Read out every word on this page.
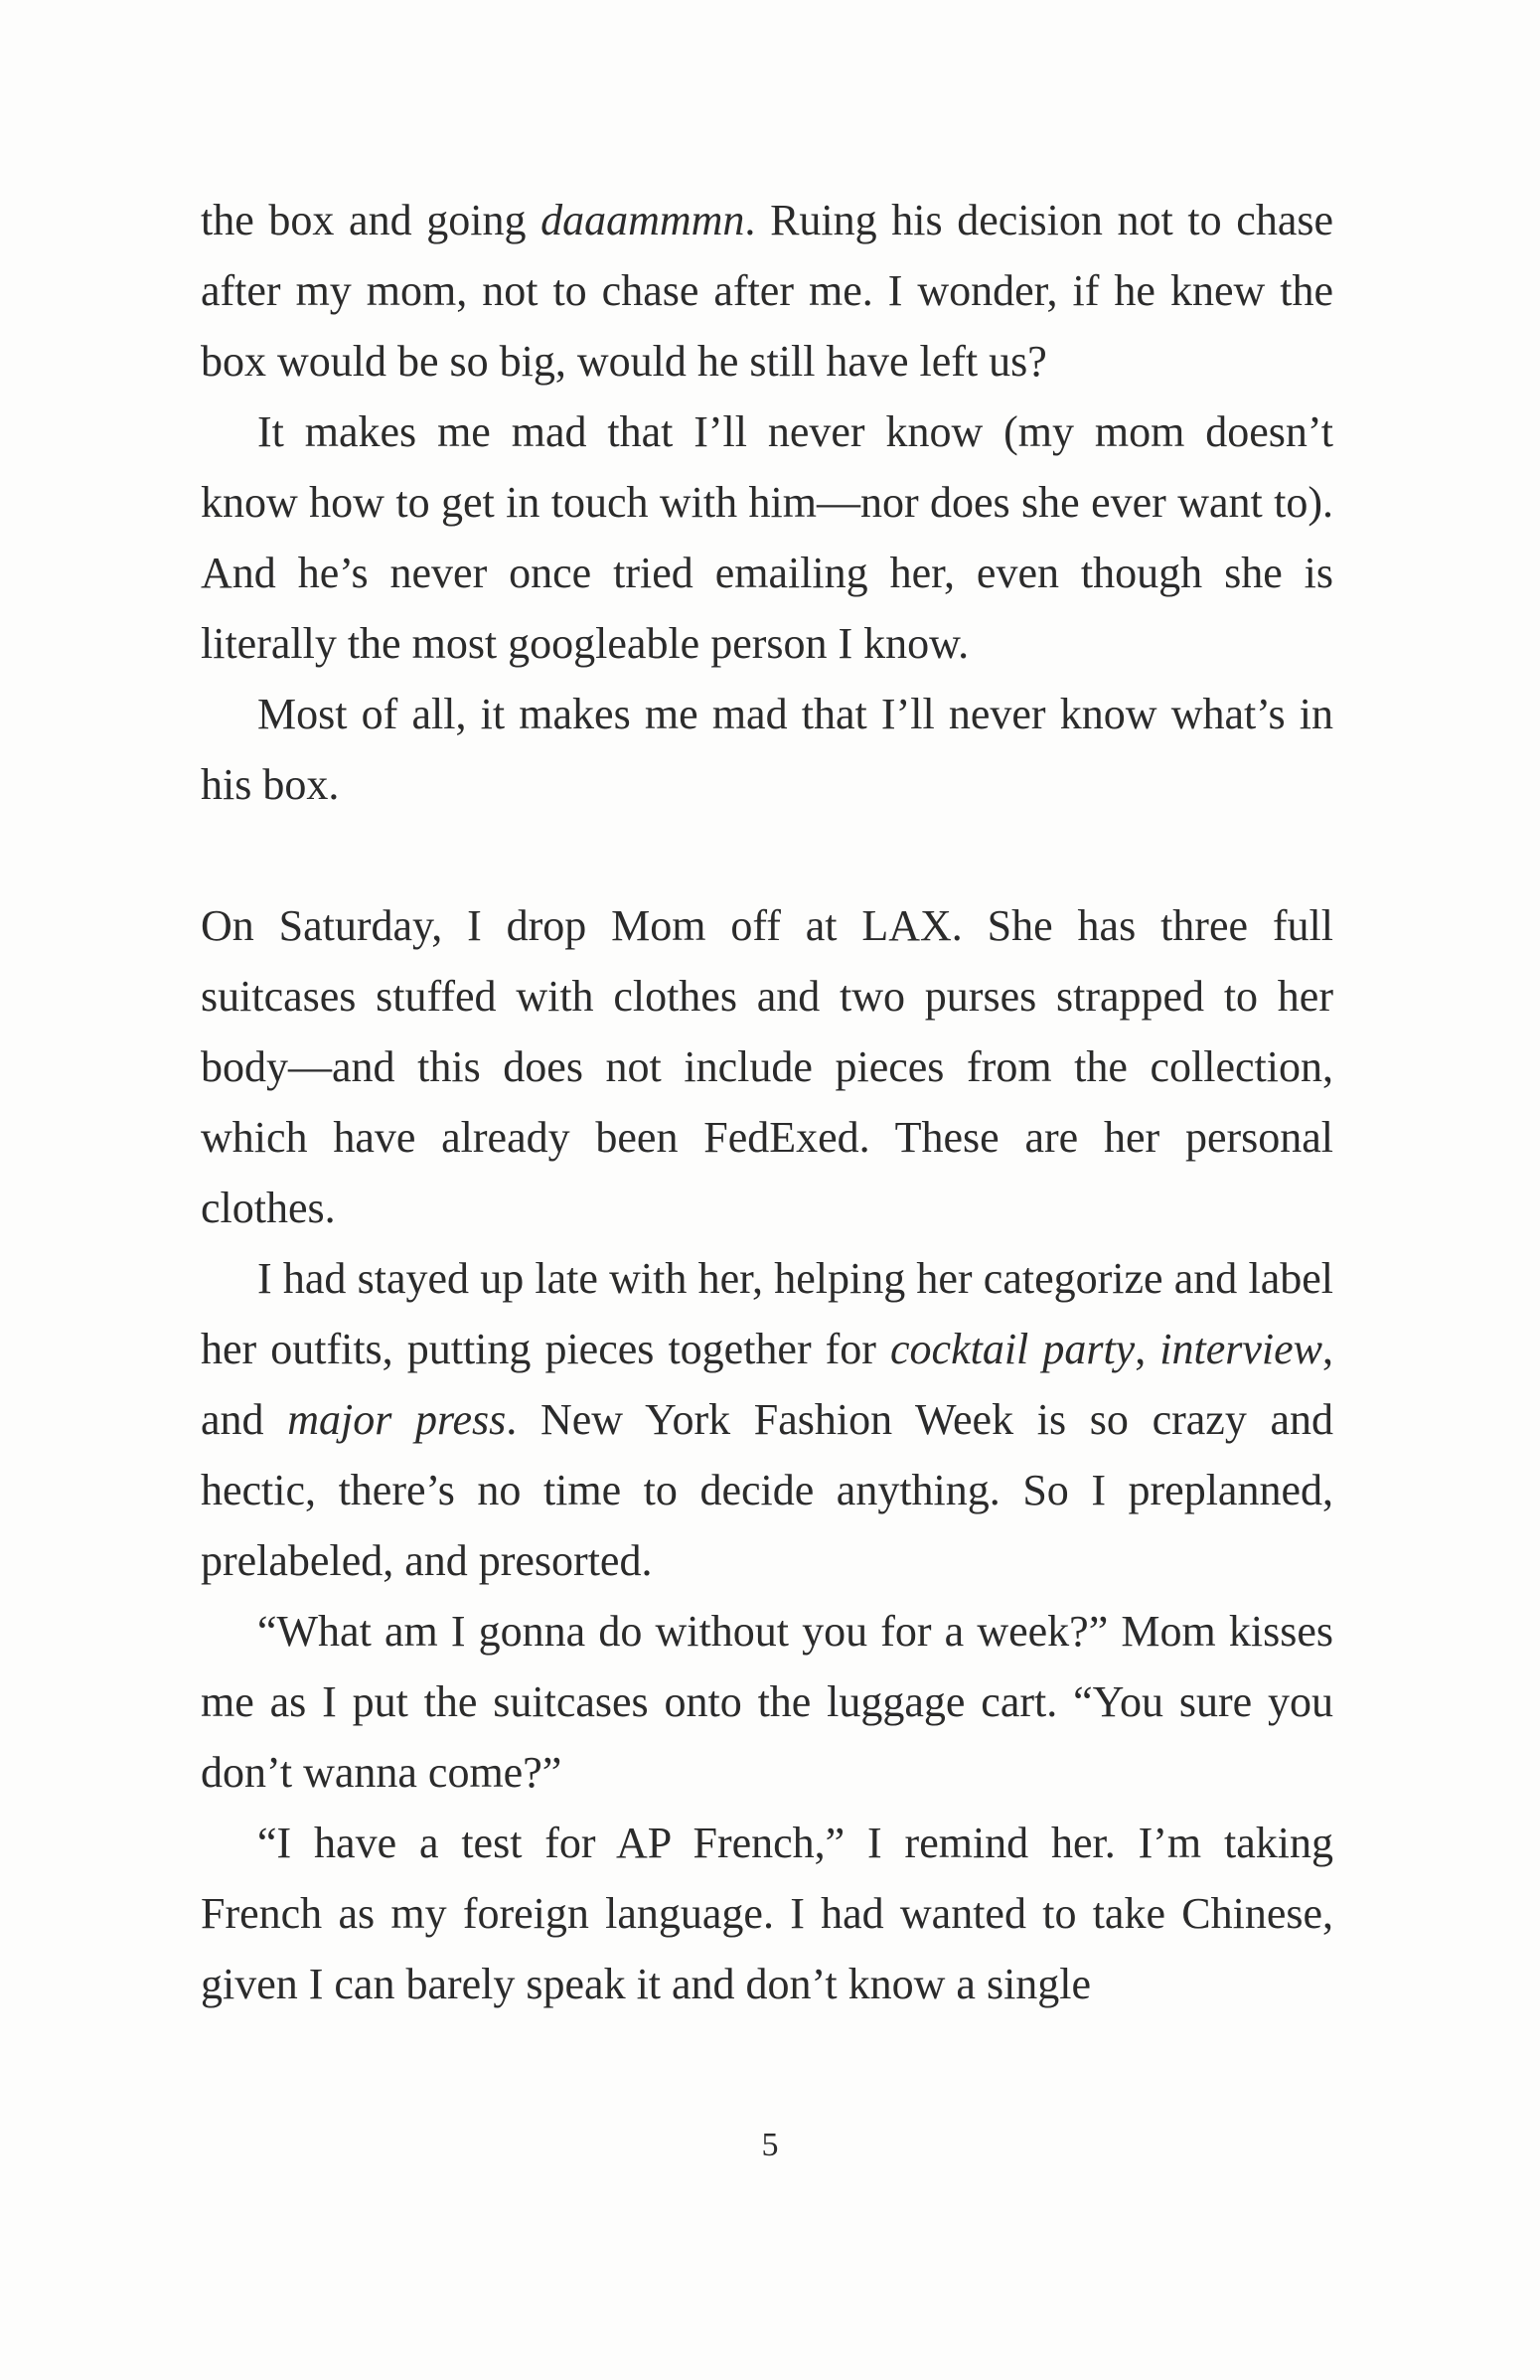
the box and going daaammmn. Ruing his decision not to chase after my mom, not to chase after me. I wonder, if he knew the box would be so big, would he still have left us?

It makes me mad that I’ll never know (my mom doesn’t know how to get in touch with him—nor does she ever want to). And he’s never once tried emailing her, even though she is literally the most googleable person I know.

Most of all, it makes me mad that I’ll never know what’s in his box.

On Saturday, I drop Mom off at LAX. She has three full suitcases stuffed with clothes and two purses strapped to her body—and this does not include pieces from the collection, which have already been FedExed. These are her personal clothes.

I had stayed up late with her, helping her categorize and label her outfits, putting pieces together for cocktail party, interview, and major press. New York Fashion Week is so crazy and hectic, there’s no time to decide anything. So I preplanned, prelabeled, and presorted.

“What am I gonna do without you for a week?” Mom kisses me as I put the suitcases onto the luggage cart. “You sure you don’t wanna come?”

“I have a test for AP French,” I remind her. I’m taking French as my foreign language. I had wanted to take Chinese, given I can barely speak it and don’t know a single

5
